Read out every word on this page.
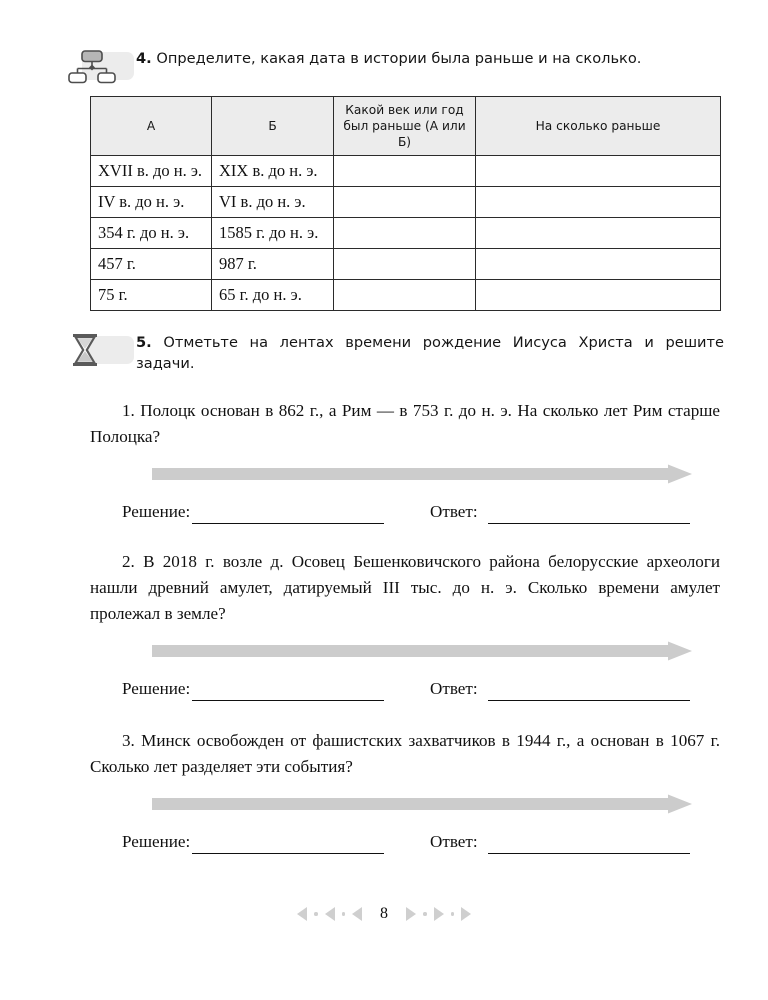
4. Определите, какая дата в истории была раньше и на сколько.
А	Б	Какой век или год был раньше (А или Б)	На сколько раньше
XVII в. до н. э.	XIX в. до н. э.		
IV в. до н. э.	VI в. до н. э.		
354 г. до н. э.	1585 г. до н. э.		
457 г.	987 г.		
75 г.	65 г. до н. э.		
5. Отметьте на лентах времени рождение Иисуса Христа и решите задачи.

1. Полоцк основан в 862 г., а Рим — в 753 г. до н. э. На сколько лет Рим старше Полоцка?

Решение:	Ответ:

2. В 2018 г. возле д. Осовец Бешенковичского района белорусские археологи нашли древний амулет, датируемый III тыс. до н. э. Сколько времени амулет пролежал в земле?

Решение:	Ответ:

3. Минск освобожден от фашистских захватчиков в 1944 г., а основан в 1067 г. Сколько лет разделяет эти события?

Решение:	Ответ:
8
